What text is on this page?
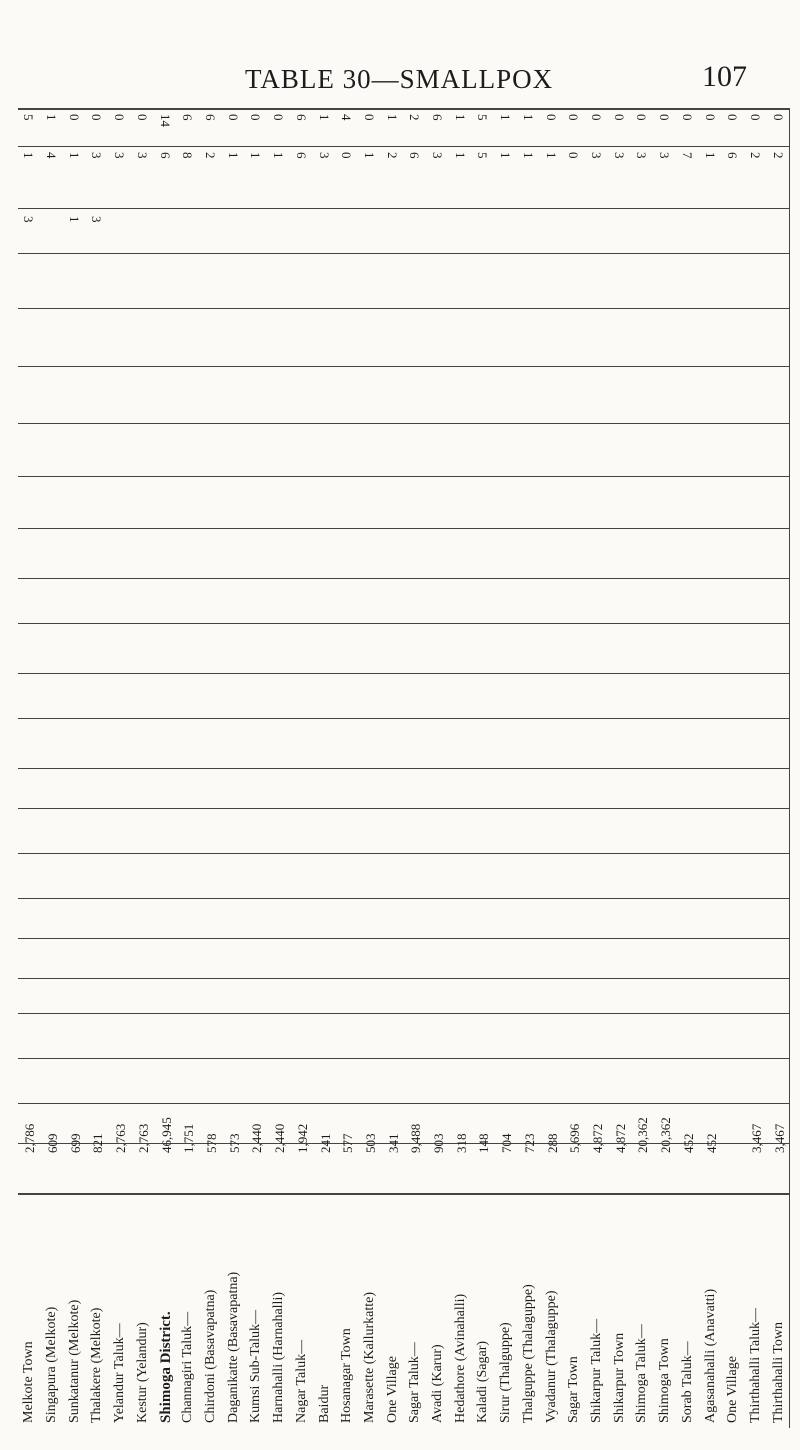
TABLE 30—SMALLPOX	107
5
1
3
2,786
Melkote Town
1
4
609
Singapura (Melkote)
0
1
1
699
Sunkatanur (Melkote)
0
3
3
821
Thalakere (Melkote)
0
3
2,763
Yelandur Taluk—
0
3
2,763
Kestur (Yelandur)
14
6
46,945
Shimoga District.
6
8
1,751
Channagiri Taluk—
6
2
578
Chirdoni (Basavapatna)
0
1
573
Daganikatte (Basavapatna)
0
1
2,440
Kumsi Sub-Taluk—
0
1
2,440
Harnahalli (Harnahalli)
6
6
1,942
Nagar Taluk—
1
3
241
Baidur
4
0
577
Hosanagar Town
0
1
503
Marasette (Kallurkatte)
1
2
341
One Village
2
6
9,488
Sagar Taluk—
6
3
903
Avadi (Karur)
1
1
318
Hedathore (Avinahalli)
5
5
148
Kaladi (Sagar)
1
1
704
Sirur (Thalguppe)
1
1
723
Thalguppe (Thalaguppe)
0
1
288
Vyadanur (Thalaguppe)
0
0
5,696
Sagar Town
0
3
4,872
Shikarpur Taluk—
0
3
4,872
Shikarpur Town
0
3
20,362
Shimoga Taluk—
0
3
20,362
Shimoga Town
0
7
452
Sorab Taluk—
0
1
452
Agasanahalli (Anavatti)
0
6
One Village
0
2
3,467
Thirthahalli Taluk—
0
2
3,467
Thirthahalli Town
